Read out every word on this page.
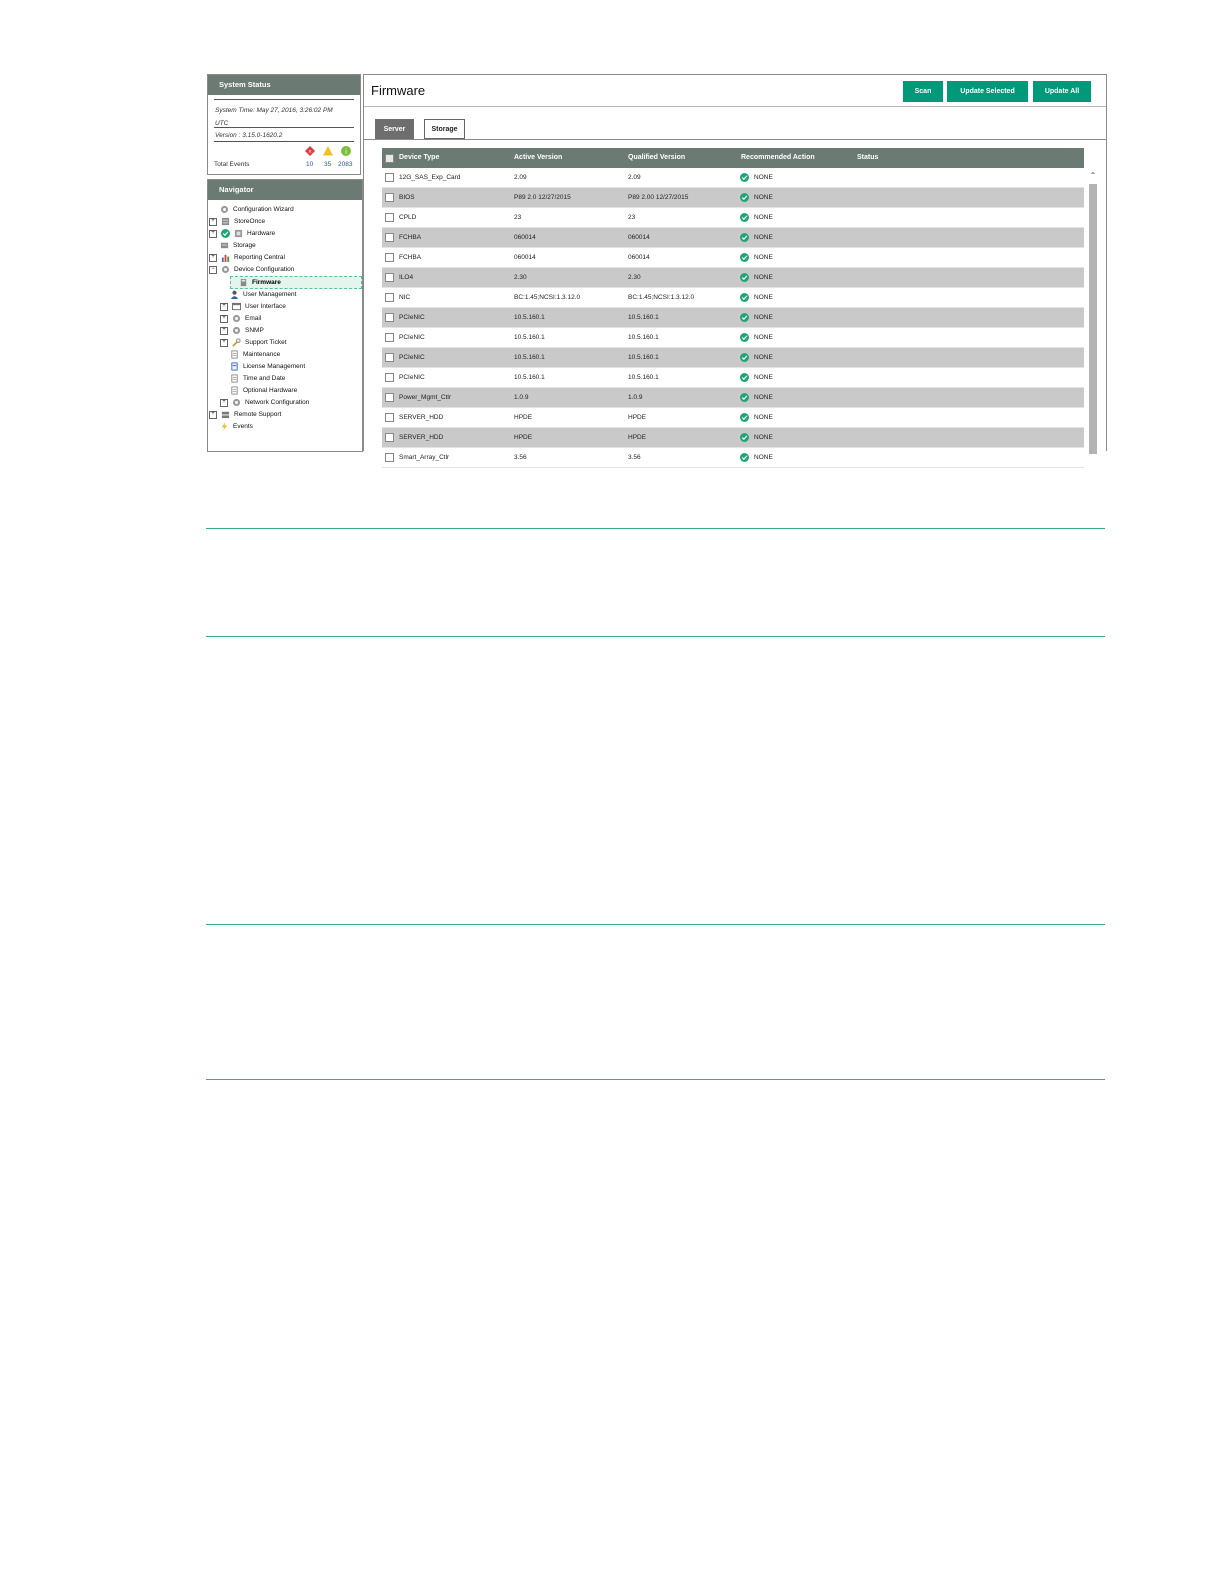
System Status
System Time: May 27, 2016, 3:26:02 PM
UTC
Version : 3.15.0-1620.2
×	i
Total Events	10 35 2083
Navigator
Configuration Wizard
+	StoreOnce
+	Hardware
Storage
+	Reporting Central
−	Device Configuration
Firmware
User Management
+	User Interface
+	Email
+	SNMP
+	Support Ticket
Maintenance
License Management
Time and Date
Optional Hardware
+	Network Configuration
+	Remote Support
Events
Firmware	Scan	Update Selected	Update All
Server	Storage
Device Type	Active Version	Qualified Version	Recommended Action	Status
12G_SAS_Exp_Card	2.09	2.09	NONE
BIOS	P89 2.0 12/27/2015	P89 2.00 12/27/2015	NONE
CPLD	23	23	NONE
FCHBA	060014	060014	NONE
FCHBA	060014	060014	NONE
ILO4	2.30	2.30	NONE
NIC	BC:1.45;NCSI:1.3.12.0	BC:1.45;NCSI:1.3.12.0	NONE
PCIeNIC	10.5.160.1	10.5.160.1	NONE
PCIeNIC	10.5.160.1	10.5.160.1	NONE
PCIeNIC	10.5.160.1	10.5.160.1	NONE
PCIeNIC	10.5.160.1	10.5.160.1	NONE
Power_Mgmt_Ctlr	1.0.9	1.0.9	NONE
SERVER_HDD	HPDE	HPDE	NONE
SERVER_HDD	HPDE	HPDE	NONE
Smart_Array_Ctlr	3.56	3.56	NONE
⌃
